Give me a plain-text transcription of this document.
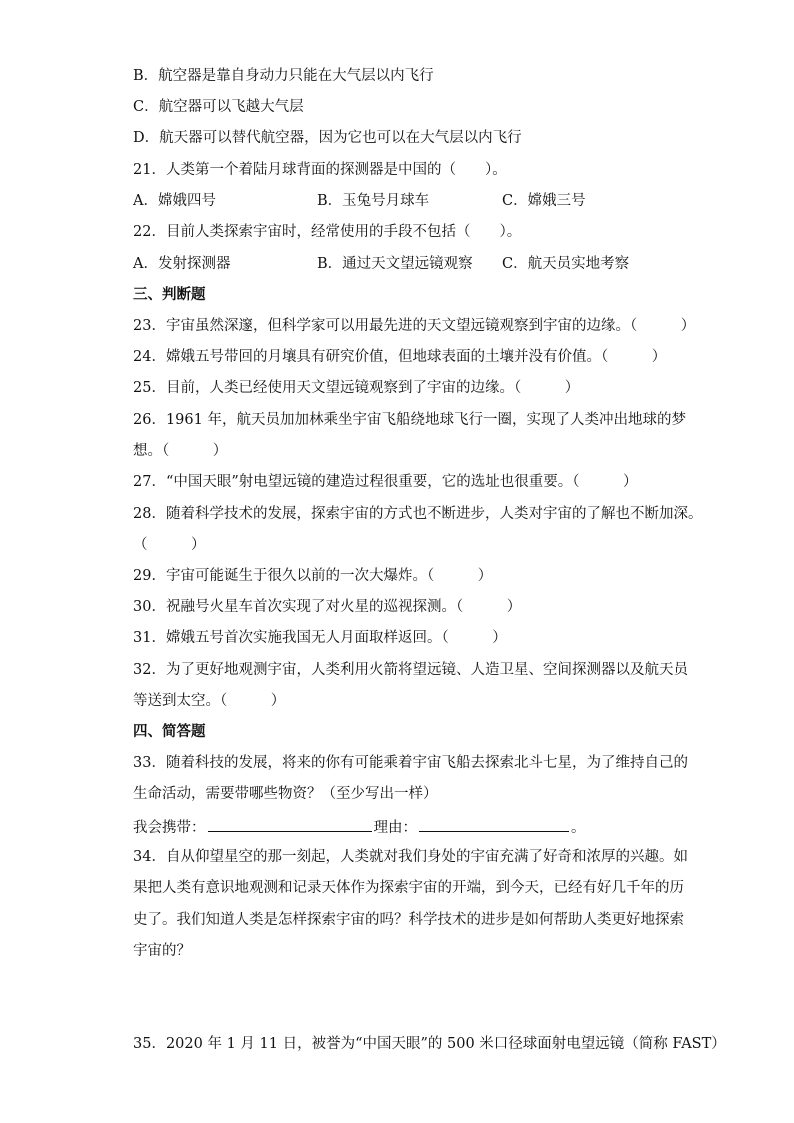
B．航空器是靠自身动力只能在大气层以内飞行
C．航空器可以飞越大气层
D．航天器可以替代航空器，因为它也可以在大气层以内飞行
21．人类第一个着陆月球背面的探测器是中国的（　　）。
A．嫦娥四号	B．玉兔号月球车	C．嫦娥三号
22．目前人类探索宇宙时，经常使用的手段不包括（　　）。
A．发射探测器	B．通过天文望远镜观察 C．航天员实地考察
三、判断题
23．宇宙虽然深邃，但科学家可以用最先进的天文望远镜观察到宇宙的边缘。（　　　）
24．嫦娥五号带回的月壤具有研究价值，但地球表面的土壤并没有价值。（　　　）
25．目前，人类已经使用天文望远镜观察到了宇宙的边缘。（　　　）
26．1961 年，航天员加加林乘坐宇宙飞船绕地球飞行一圈，实现了人类冲出地球的梦
想。（　　　）
27．“中国天眼”射电望远镜的建造过程很重要，它的选址也很重要。（　　　）
28．随着科学技术的发展，探索宇宙的方式也不断进步，人类对宇宙的了解也不断加深。
（　　　）
29．宇宙可能诞生于很久以前的一次大爆炸。（　　　）
30．祝融号火星车首次实现了对火星的巡视探测。（　　　）
31．嫦娥五号首次实施我国无人月面取样返回。（　　　）
32．为了更好地观测宇宙，人类利用火箭将望远镜、人造卫星、空间探测器以及航天员
等送到太空。（　　　）
四、简答题
33．随着科技的发展，将来的你有可能乘着宇宙飞船去探索北斗七星，为了维持自己的
生命活动，需要带哪些物资？（至少写出一样）
我会携带：	理由：	。
34．自从仰望星空的那一刻起，人类就对我们身处的宇宙充满了好奇和浓厚的兴趣。如
果把人类有意识地观测和记录天体作为探索宇宙的开端，到今天，已经有好几千年的历
史了。我们知道人类是怎样探索宇宙的吗？科学技术的进步是如何帮助人类更好地探索
宇宙的？
35．2020 年 1 月 11 日，被誉为“中国天眼”的 500 米口径球面射电望远镜（简称 FAST）
